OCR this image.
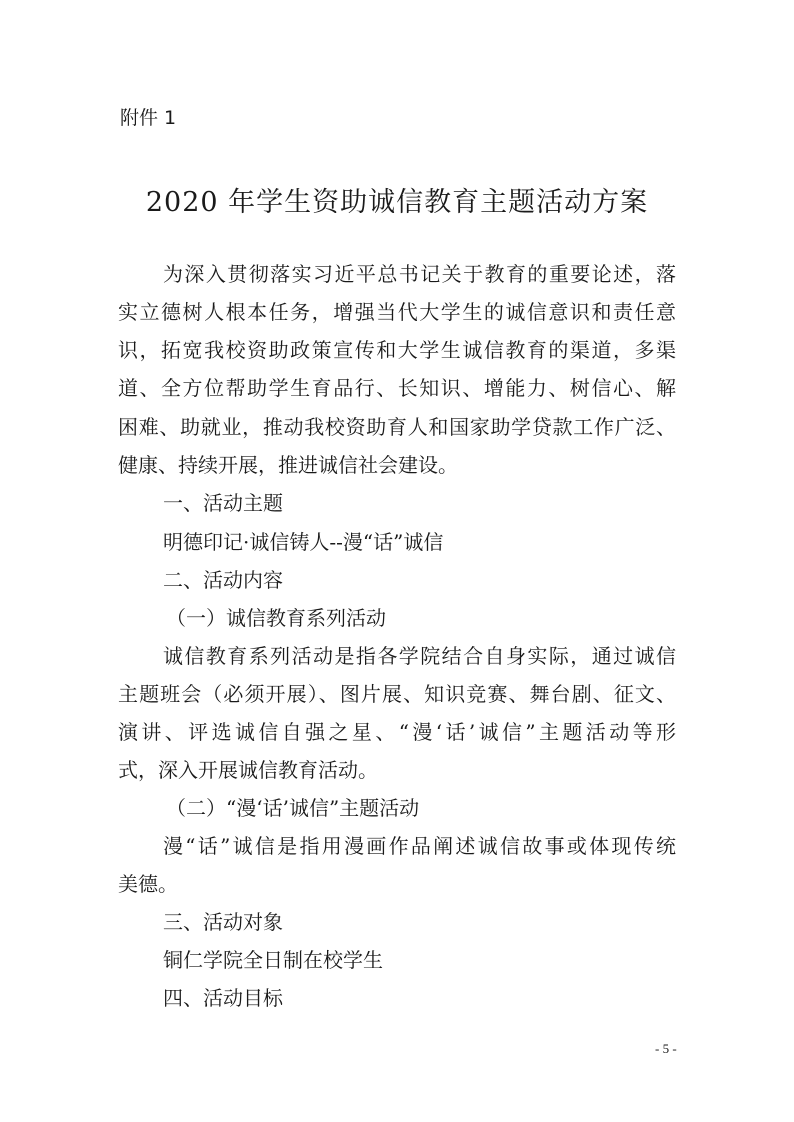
附件 1
2020 年学生资助诚信教育主题活动方案
为深入贯彻落实习近平总书记关于教育的重要论述，落
实立德树人根本任务，增强当代大学生的诚信意识和责任意
识，拓宽我校资助政策宣传和大学生诚信教育的渠道，多渠
道、全方位帮助学生育品行、长知识、增能力、树信心、解
困难、助就业，推动我校资助育人和国家助学贷款工作广泛、
健康、持续开展，推进诚信社会建设。
一、活动主题
明德印记·诚信铸人--漫“话”诚信
二、活动内容
（一）诚信教育系列活动
诚信教育系列活动是指各学院结合自身实际，通过诚信
主题班会（必须开展）、图片展、知识竞赛、舞台剧、征文、
演讲、评选诚信自强之星、“漫‘话’诚信”主题活动等形
式，深入开展诚信教育活动。
（二）“漫‘话’诚信”主题活动
漫“话”诚信是指用漫画作品阐述诚信故事或体现传统
美德。
三、活动对象
铜仁学院全日制在校学生
四、活动目标
- 5 -
